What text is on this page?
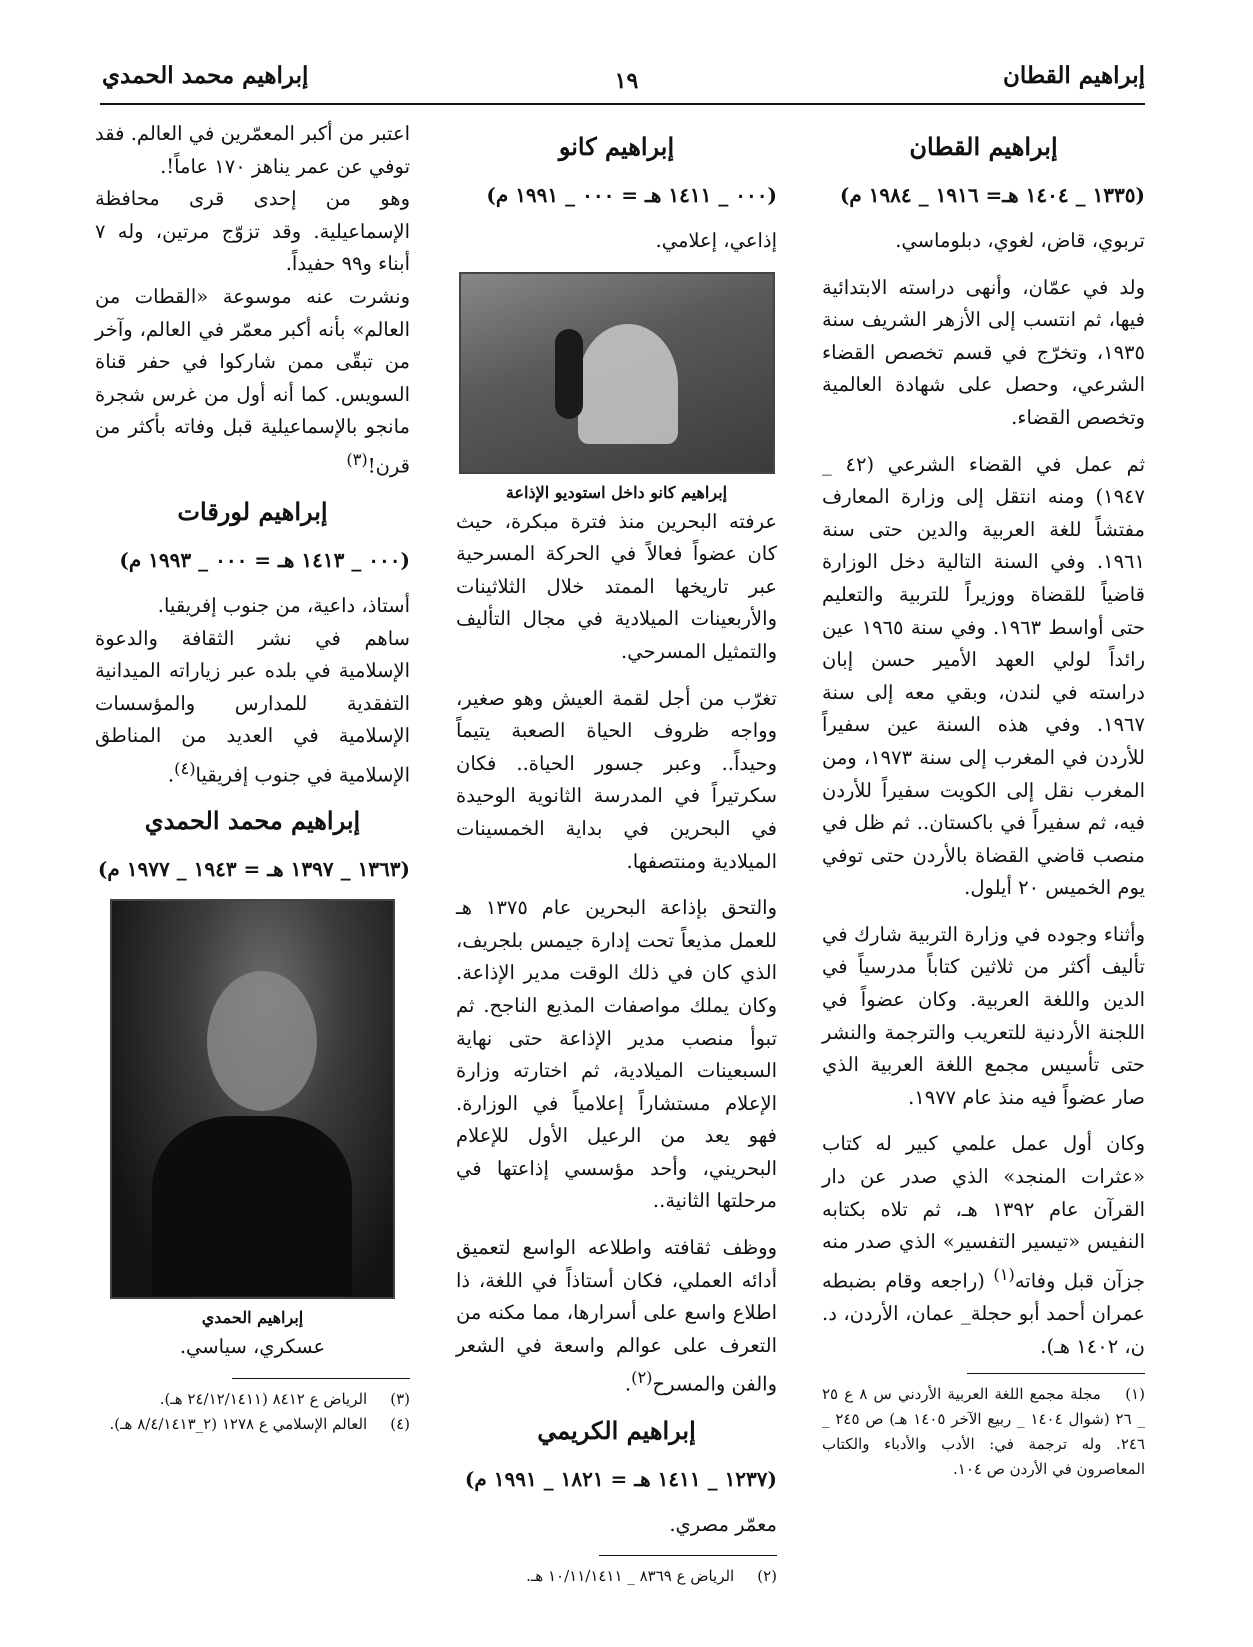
إبراهيم القطان
١٩
إبراهيم محمد الحمدي
إبراهيم القطان
(١٣٣٥ _ ١٤٠٤ هـ= ١٩١٦ _ ١٩٨٤ م)

تربوي، قاض، لغوي، دبلوماسي.

ولد في عمّان، وأنهى دراسته الابتدائية فيها، ثم انتسب إلى الأزهر الشريف سنة ١٩٣٥، وتخرّج في قسم تخصص القضاء الشرعي، وحصل على شهادة العالمية وتخصص القضاء.

ثم عمل في القضاء الشرعي (٤٢ _ ١٩٤٧) ومنه انتقل إلى وزارة المعارف مفتشاً للغة العربية والدين حتى سنة ١٩٦١. وفي السنة التالية دخل الوزارة قاضياً للقضاة ووزيراً للتربية والتعليم حتى أواسط ١٩٦٣. وفي سنة ١٩٦٥ عين رائداً لولي العهد الأمير حسن إبان دراسته في لندن، وبقي معه إلى سنة ١٩٦٧. وفي هذه السنة عين سفيراً للأردن في المغرب إلى سنة ١٩٧٣، ومن المغرب نقل إلى الكويت سفيراً للأردن فيه، ثم سفيراً في باكستان.. ثم ظل في منصب قاضي القضاة بالأردن حتى توفي يوم الخميس ٢٠ أيلول.

وأثناء وجوده في وزارة التربية شارك في تأليف أكثر من ثلاثين كتاباً مدرسياً في الدين واللغة العربية. وكان عضواً في اللجنة الأردنية للتعريب والترجمة والنشر حتى تأسيس مجمع اللغة العربية الذي صار عضواً فيه منذ عام ١٩٧٧.

وكان أول عمل علمي كبير له كتاب «عثرات المنجد» الذي صدر عن دار القرآن عام ١٣٩٢ هـ، ثم تلاه بكتابه النفيس «تيسير التفسير» الذي صدر منه جزآن قبل وفاته$^{(١)}$ (راجعه وقام بضبطه عمران أحمد أبو حجلة_ عمان، الأردن، د. ن، ١٤٠٢ هـ).

(١) مجلة مجمع اللغة العربية الأردني س ٨ ع ٢٥ _ ٢٦ (شوال ١٤٠٤ _ ربيع الآخر ١٤٠٥ هـ) ص ٢٤٥ _ ٢٤٦. وله ترجمة في: الأدب والأدباء والكتاب المعاصرون في الأردن ص ١٠٤.

إبراهيم كانو
(٠٠٠ _ ١٤١١ هـ = ٠٠٠ _ ١٩٩١ م)

إذاعي، إعلامي.

إبراهيم كانو داخل استوديو الإذاعة

عرفته البحرين منذ فترة مبكرة، حيث كان عضواً فعالاً في الحركة المسرحية عبر تاريخها الممتد خلال الثلاثينات والأربعينات الميلادية في مجال التأليف والتمثيل المسرحي.

تغرّب من أجل لقمة العيش وهو صغير، وواجه ظروف الحياة الصعبة يتيماً وحيداً.. وعبر جسور الحياة.. فكان سكرتيراً في المدرسة الثانوية الوحيدة في البحرين في بداية الخمسينات الميلادية ومنتصفها.

والتحق بإذاعة البحرين عام ١٣٧٥ هـ للعمل مذيعاً تحت إدارة جيمس بلجريف، الذي كان في ذلك الوقت مدير الإذاعة. وكان يملك مواصفات المذيع الناجح. ثم تبوأ منصب مدير الإذاعة حتى نهاية السبعينات الميلادية، ثم اختارته وزارة الإعلام مستشاراً إعلامياً في الوزارة. فهو يعد من الرعيل الأول للإعلام البحريني، وأحد مؤسسي إذاعتها في مرحلتها الثانية..

ووظف ثقافته واطلاعه الواسع لتعميق أدائه العملي، فكان أستاذاً في اللغة، ذا اطلاع واسع على أسرارها، مما مكنه من التعرف على عوالم واسعة في الشعر والفن والمسرح$^{(٢)}$.

إبراهيم الكريمي
(١٢٣٧ _ ١٤١١ هـ = ١٨٢١ _ ١٩٩١ م)

معمّر مصري.

(٢) الرياض ع ٨٣٦٩ _ ١٠/١١/١٤١١ هـ.

اعتبر من أكبر المعمّرين في العالم. فقد توفي عن عمر يناهز ١٧٠ عاماً!.

وهو من إحدى قرى محافظة الإسماعيلية. وقد تزوّج مرتين، وله ٧ أبناء و٩٩ حفيداً.

ونشرت عنه موسوعة «القطات من العالم» بأنه أكبر معمّر في العالم، وآخر من تبقّى ممن شاركوا في حفر قناة السويس. كما أنه أول من غرس شجرة مانجو بالإسماعيلية قبل وفاته بأكثر من قرن!$^{(٣)}$

إبراهيم لورقات
(٠٠٠ _ ١٤١٣ هـ = ٠٠٠ _ ١٩٩٣ م)

أستاذ، داعية، من جنوب إفريقيا.

ساهم في نشر الثقافة والدعوة الإسلامية في بلده عبر زياراته الميدانية التفقدية للمدارس والمؤسسات الإسلامية في العديد من المناطق الإسلامية في جنوب إفريقيا$^{(٤)}$.

إبراهيم محمد الحمدي
(١٣٦٣ _ ١٣٩٧ هـ = ١٩٤٣ _ ١٩٧٧ م)
إبراهيم الحمدي

عسكري، سياسي.

(٣) الرياض ع ٨٤١٢ (٢٤/١٢/١٤١١ هـ).

(٤) العالم الإسلامي ع ١٢٧٨ (٢_٨/٤/١٤١٣ هـ).
